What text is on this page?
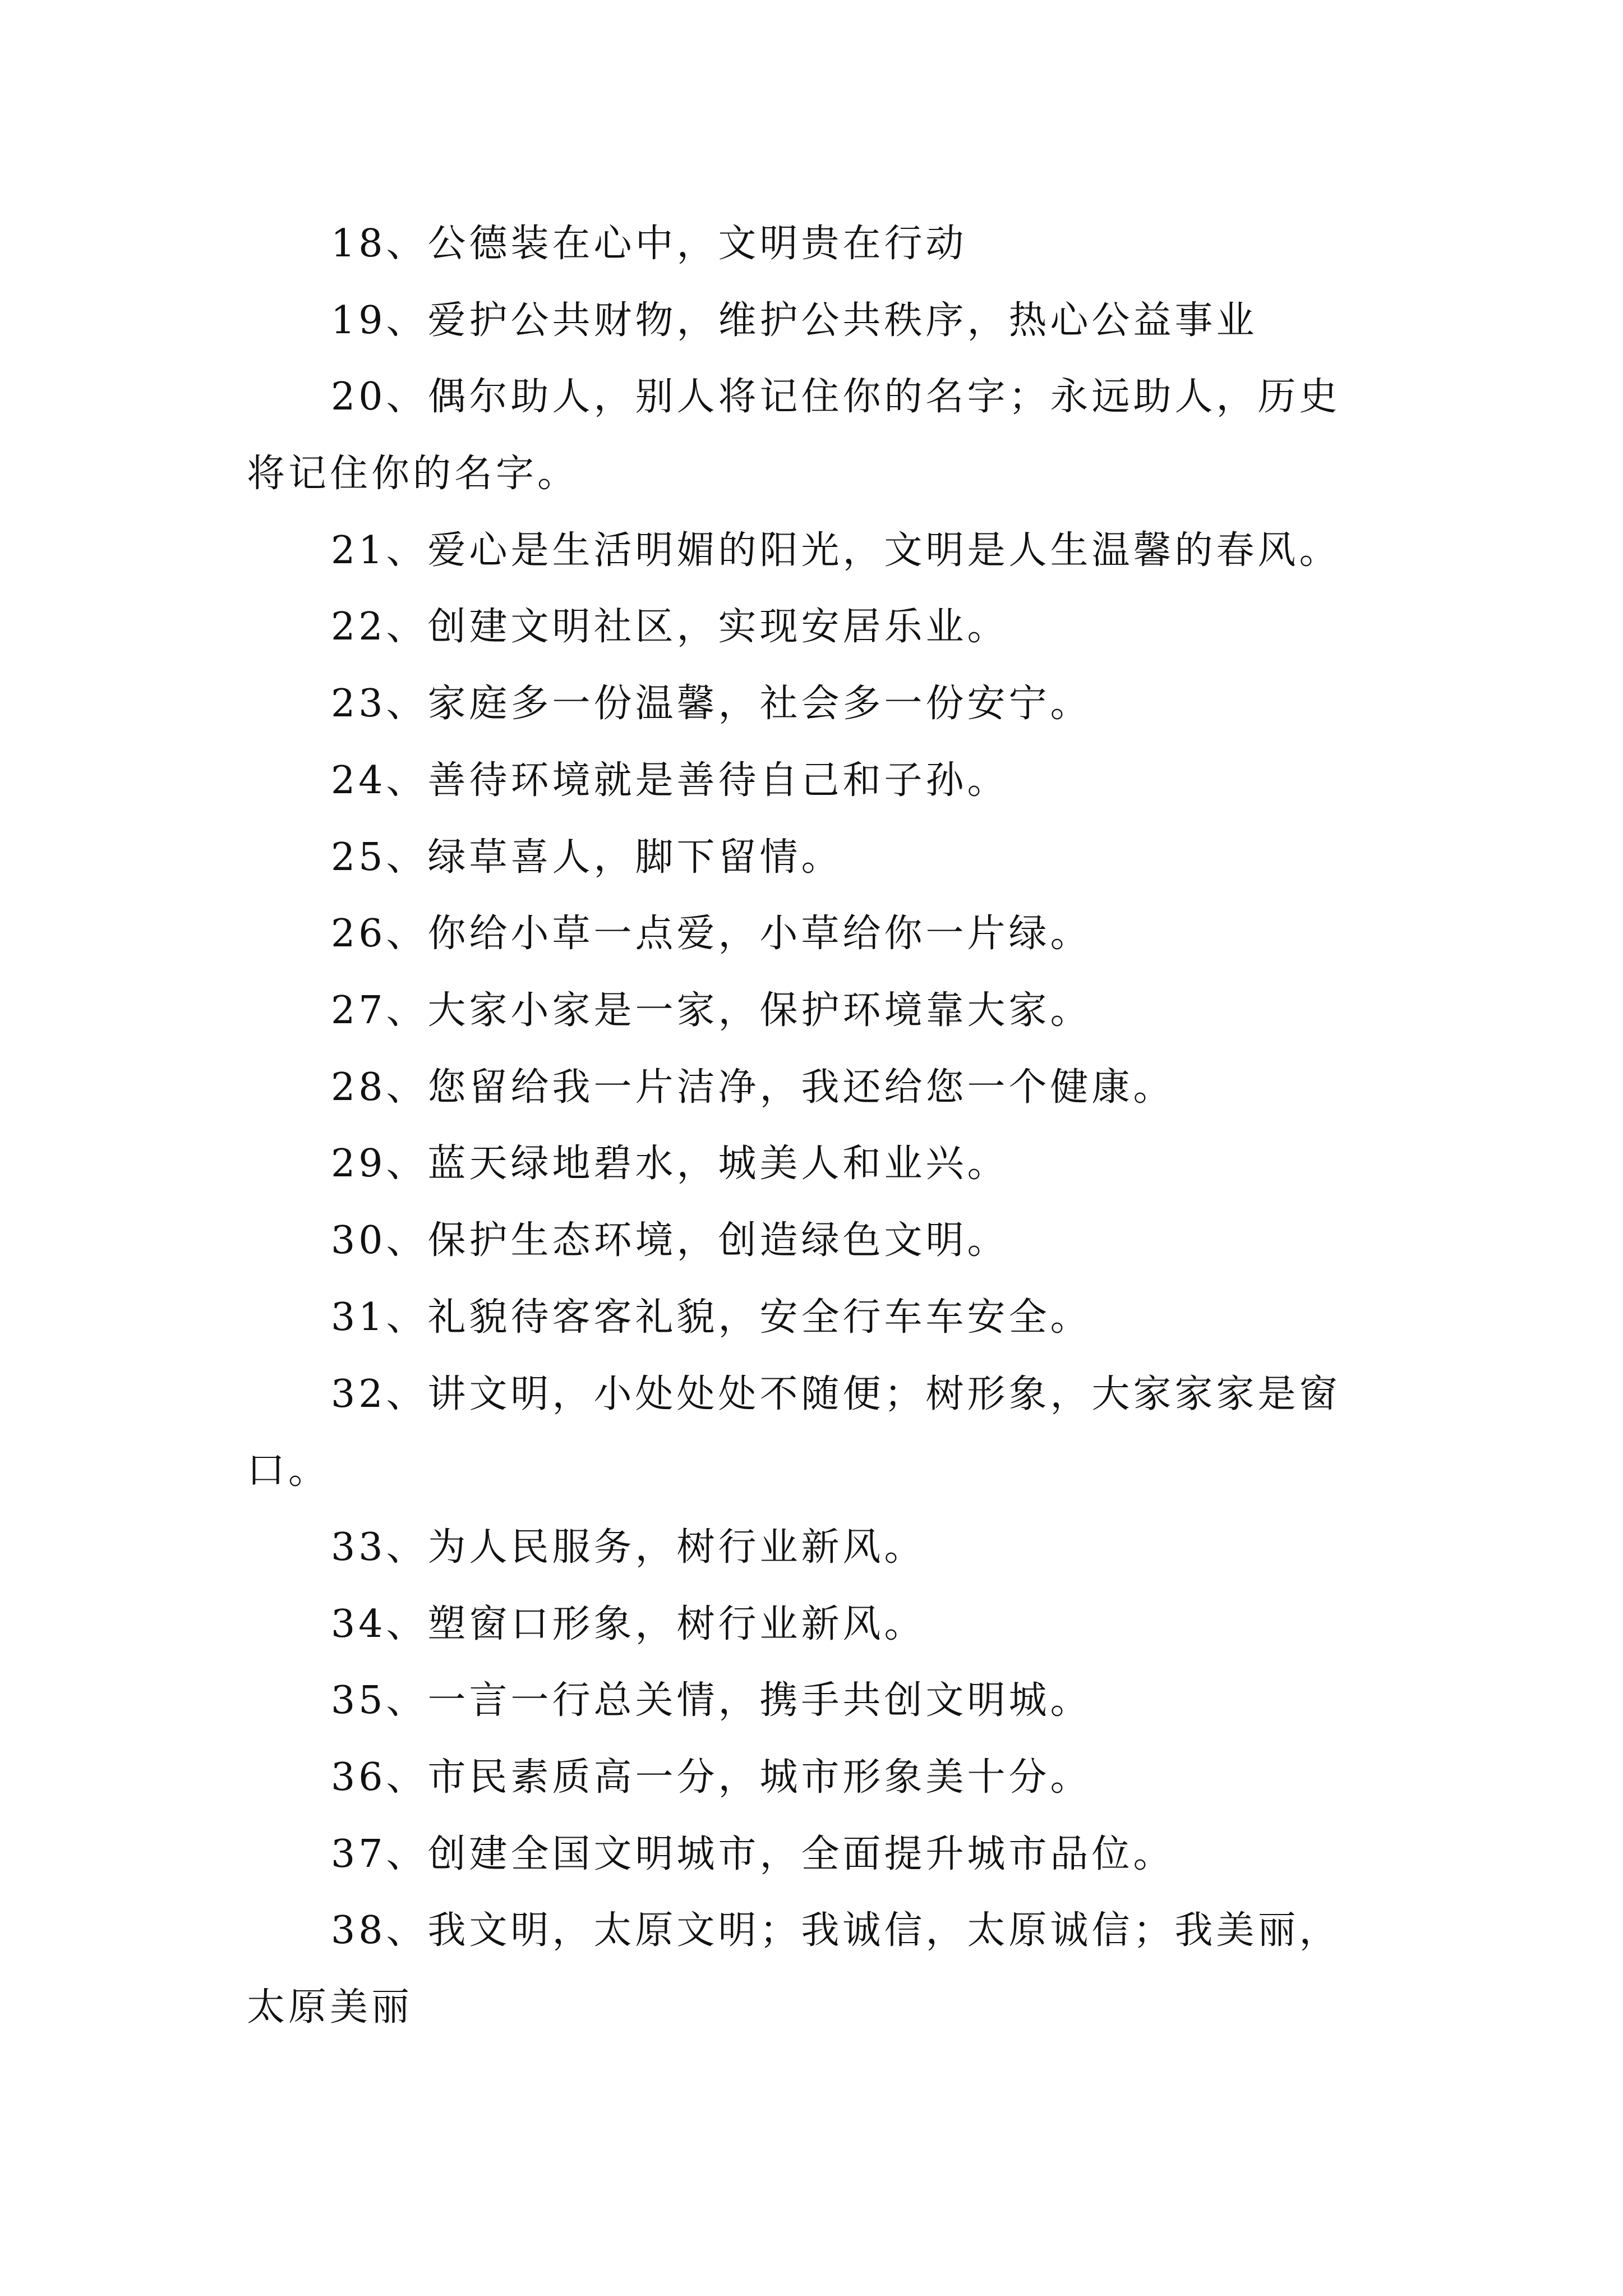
18、公德装在心中，文明贵在行动
19、爱护公共财物，维护公共秩序，热心公益事业
20、偶尔助人，别人将记住你的名字；永远助人，历史
将记住你的名字。
21、爱心是生活明媚的阳光，文明是人生温馨的春风。
22、创建文明社区，实现安居乐业。
23、家庭多一份温馨，社会多一份安宁。
24、善待环境就是善待自己和子孙。
25、绿草喜人，脚下留情。
26、你给小草一点爱，小草给你一片绿。
27、大家小家是一家，保护环境靠大家。
28、您留给我一片洁净，我还给您一个健康。
29、蓝天绿地碧水，城美人和业兴。
30、保护生态环境，创造绿色文明。
31、礼貌待客客礼貌，安全行车车安全。
32、讲文明，小处处处不随便；树形象，大家家家是窗
口。
33、为人民服务，树行业新风。
34、塑窗口形象，树行业新风。
35、一言一行总关情，携手共创文明城。
36、市民素质高一分，城市形象美十分。
37、创建全国文明城市，全面提升城市品位。
38、我文明，太原文明；我诚信，太原诚信；我美丽，
太原美丽
